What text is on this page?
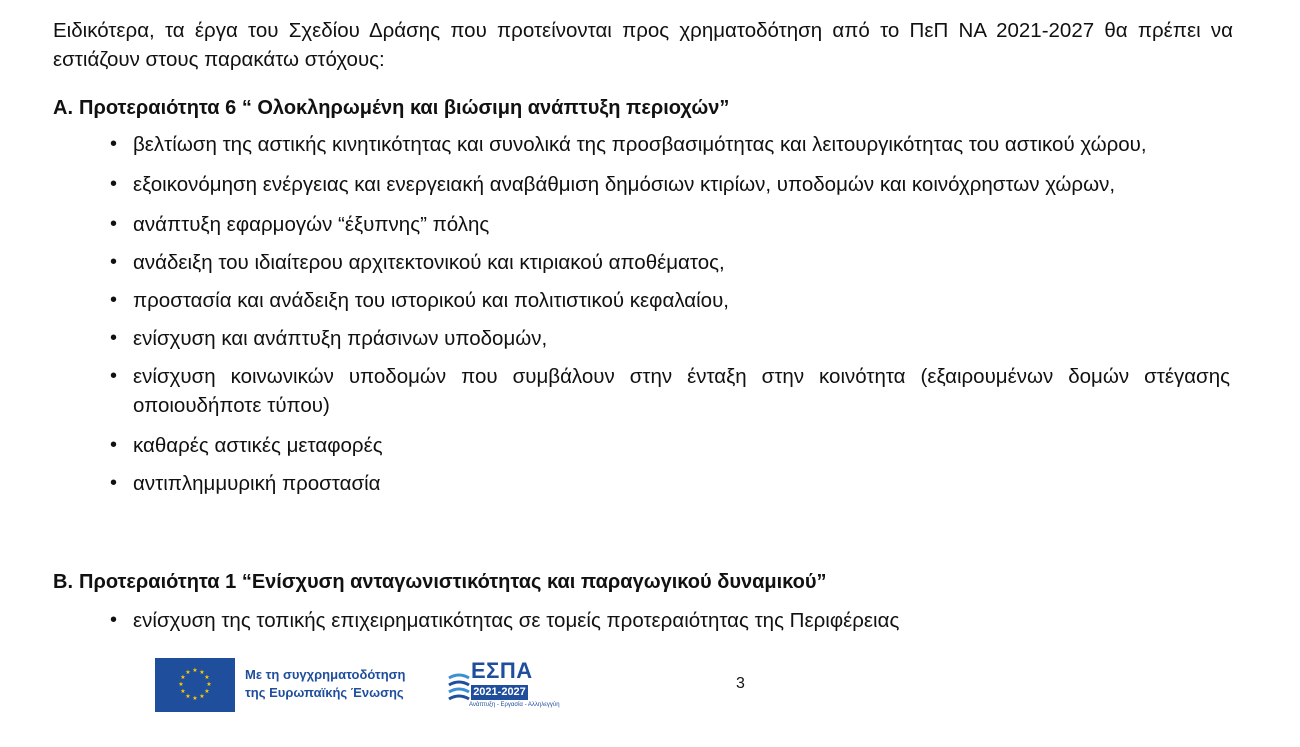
Ειδικότερα, τα έργα του Σχεδίου Δράσης που προτείνονται προς χρηματοδότηση από το ΠεΠ ΝΑ 2021-2027 θα πρέπει να εστιάζουν στους παρακάτω στόχους:

Α. Προτεραιότητα 6 “ Ολοκληρωμένη και βιώσιμη ανάπτυξη περιοχών”

• βελτίωση της αστικής κινητικότητας και συνολικά της προσβασιμότητας και λειτουργικότητας του αστικού χώρου,
• εξοικονόμηση ενέργειας και ενεργειακή αναβάθμιση δημόσιων κτιρίων, υποδομών και κοινόχρηστων χώρων,
• ανάπτυξη εφαρμογών “έξυπνης” πόλης
• ανάδειξη του ιδιαίτερου αρχιτεκτονικού και κτιριακού αποθέματος,
• προστασία και ανάδειξη του ιστορικού και πολιτιστικού κεφαλαίου,
• ενίσχυση και ανάπτυξη πράσινων υποδομών,
• ενίσχυση κοινωνικών υποδομών που συμβάλουν στην ένταξη στην κοινότητα (εξαιρουμένων δομών στέγασης οποιουδήποτε τύπου)
• καθαρές αστικές μεταφορές
• αντιπλημμυρική προστασία

Β. Προτεραιότητα 1 “Ενίσχυση ανταγωνιστικότητας και παραγωγικού δυναμικού”

• ενίσχυση της τοπικής επιχειρηματικότητας σε τομείς προτεραιότητας της Περιφέρειας
★ ★
★
★
★
★
★
★
★
★
★
★	Με τη συγχρηματοδότηση
της Ευρωπαϊκής Ένωσης
ΕΣΠΑ
2021-2027
Ανάπτυξη - Εργασία - Αλληλεγγύη
3
